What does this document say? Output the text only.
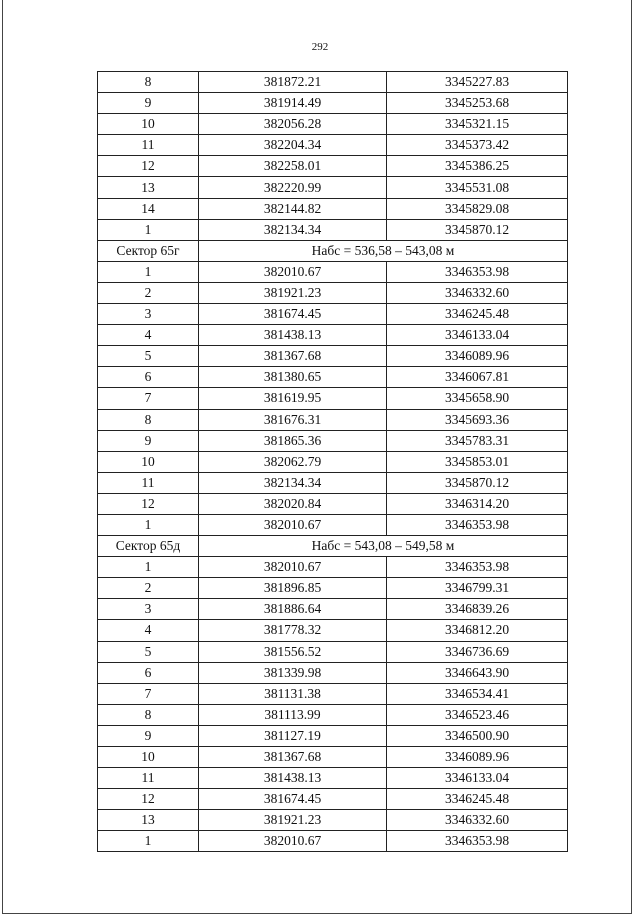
292
8	381872.21	3345227.83
9	381914.49	3345253.68
10	382056.28	3345321.15
11	382204.34	3345373.42
12	382258.01	3345386.25
13	382220.99	3345531.08
14	382144.82	3345829.08
1	382134.34	3345870.12
Сектор 65г	Набс = 536,58 – 543,08 м	
1	382010.67	3346353.98
2	381921.23	3346332.60
3	381674.45	3346245.48
4	381438.13	3346133.04
5	381367.68	3346089.96
6	381380.65	3346067.81
7	381619.95	3345658.90
8	381676.31	3345693.36
9	381865.36	3345783.31
10	382062.79	3345853.01
11	382134.34	3345870.12
12	382020.84	3346314.20
1	382010.67	3346353.98
Сектор 65д	Набс = 543,08 – 549,58 м	
1	382010.67	3346353.98
2	381896.85	3346799.31
3	381886.64	3346839.26
4	381778.32	3346812.20
5	381556.52	3346736.69
6	381339.98	3346643.90
7	381131.38	3346534.41
8	381113.99	3346523.46
9	381127.19	3346500.90
10	381367.68	3346089.96
11	381438.13	3346133.04
12	381674.45	3346245.48
13	381921.23	3346332.60
1	382010.67	3346353.98
